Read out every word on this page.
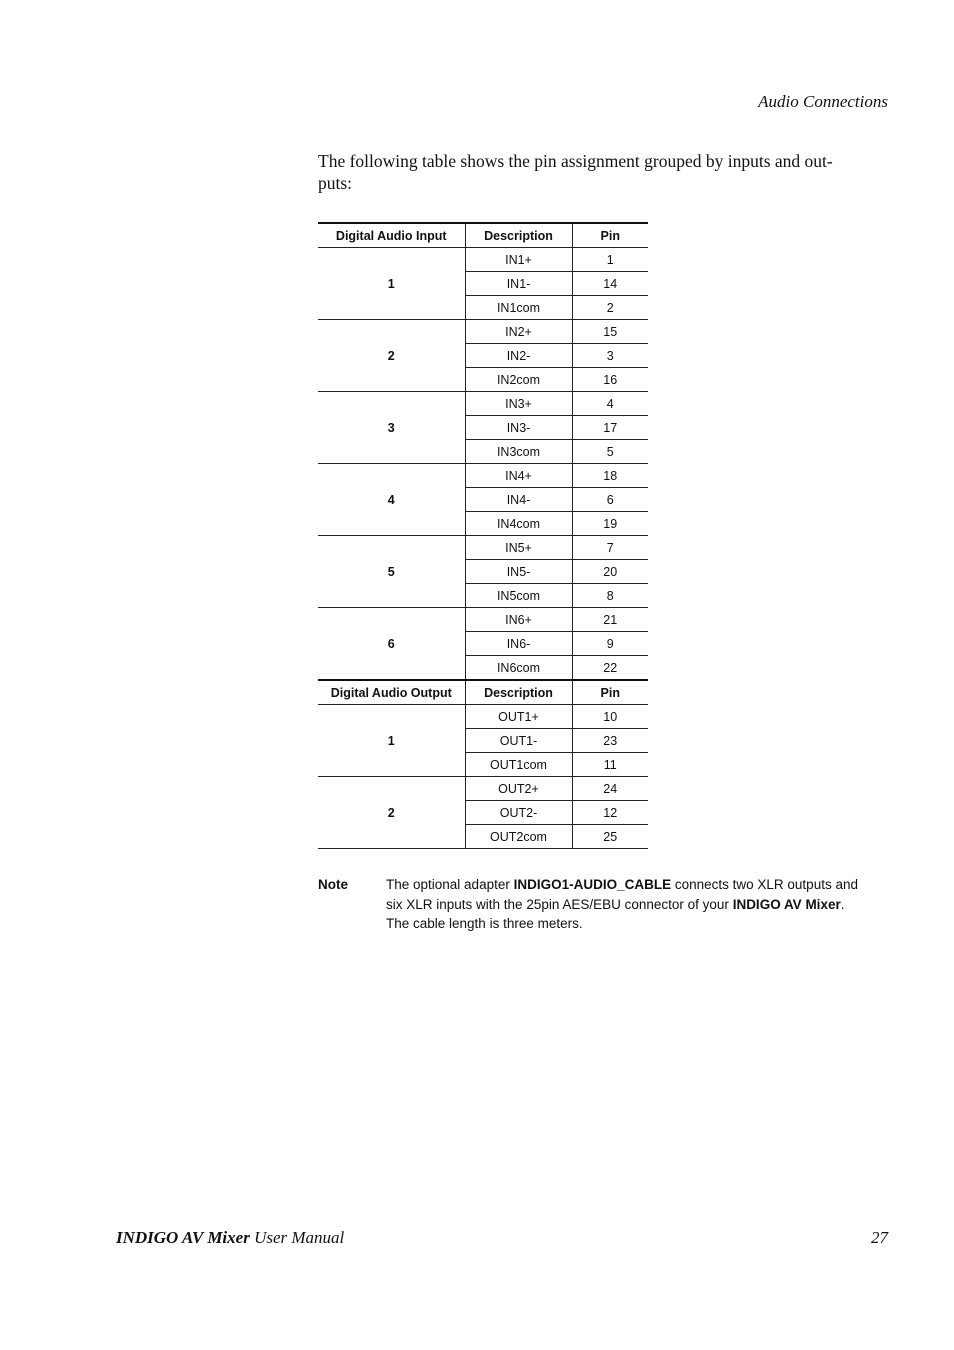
Audio Connections
The following table shows the pin assignment grouped by inputs and out-
puts:
Digital Audio Input	Description	Pin
1	IN1+	1
	IN1-	14
	IN1com	2
2	IN2+	15
	IN2-	3
	IN2com	16
3	IN3+	4
	IN3-	17
	IN3com	5
4	IN4+	18
	IN4-	6
	IN4com	19
5	IN5+	7
	IN5-	20
	IN5com	8
6	IN6+	21
	IN6-	9
	IN6com	22
Digital Audio Output	Description	Pin
1	OUT1+	10
	OUT1-	23
	OUT1com	11
2	OUT2+	24
	OUT2-	12
	OUT2com	25
Note	The optional adapter INDIGO1-AUDIO_CABLE connects two XLR outputs and six XLR inputs with the 25pin AES/EBU connector of your INDIGO AV Mixer. The cable length is three meters.
INDIGO AV Mixer User Manual	27
